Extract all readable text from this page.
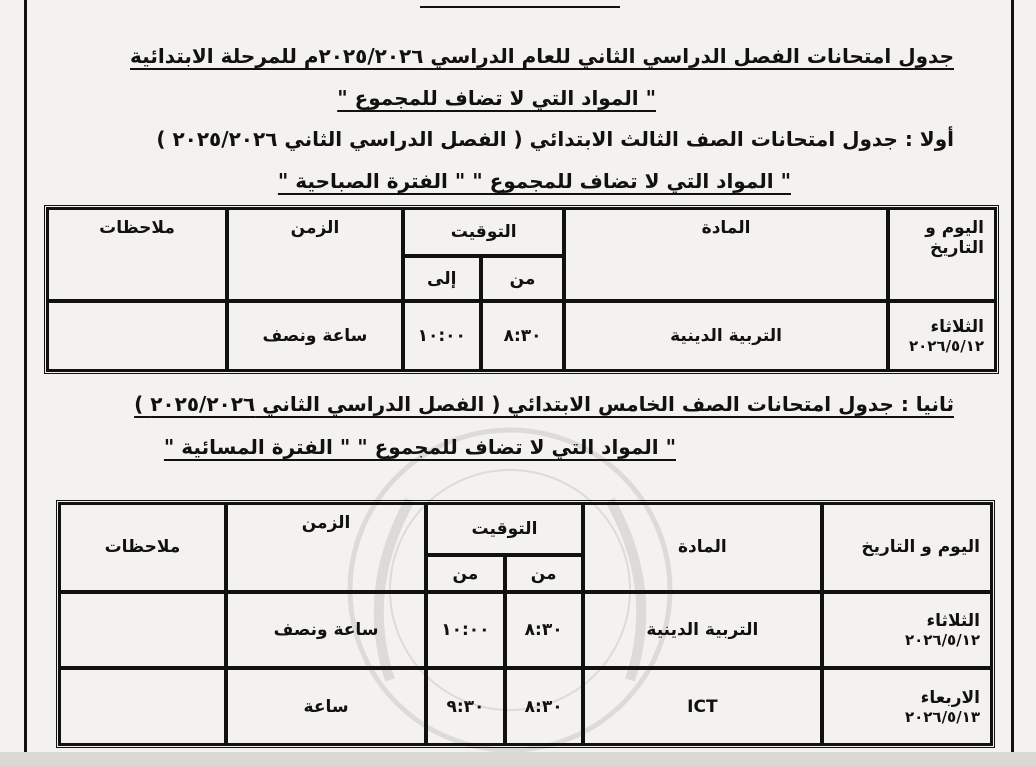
جدول امتحانات الفصل الدراسي الثاني للعام الدراسي ٢٠٢٥/٢٠٢٦م للمرحلة الابتدائية
" المواد التي لا تضاف للمجموع "
أولا : جدول امتحانات الصف الثالث الابتدائي ( الفصل الدراسي الثاني ٢٠٢٥/٢٠٢٦ )
" المواد التي لا تضاف للمجموع " " الفترة الصباحية "
اليوم و التاريخ	المادة	التوقيت		الزمن	ملاحظات
		من	إلى		

الثلاثاء
٢٠٢٦/٥/١٢	التربية الدينية	٨:٣٠	١٠:٠٠	ساعة ونصف	
ثانيا : جدول امتحانات الصف الخامس الابتدائي ( الفصل الدراسي الثاني ٢٠٢٥/٢٠٢٦ )
" المواد التي لا تضاف للمجموع " " الفترة المسائية "
اليوم و التاريخ	المادة	التوقيت		الزمن	ملاحظات
		من	من		

الثلاثاء
٢٠٢٦/٥/١٢	التربية الدينية	٨:٣٠	١٠:٠٠	ساعة ونصف	

الاربعاء
٢٠٢٦/٥/١٣	ICT	٨:٣٠	٩:٣٠	ساعة	
